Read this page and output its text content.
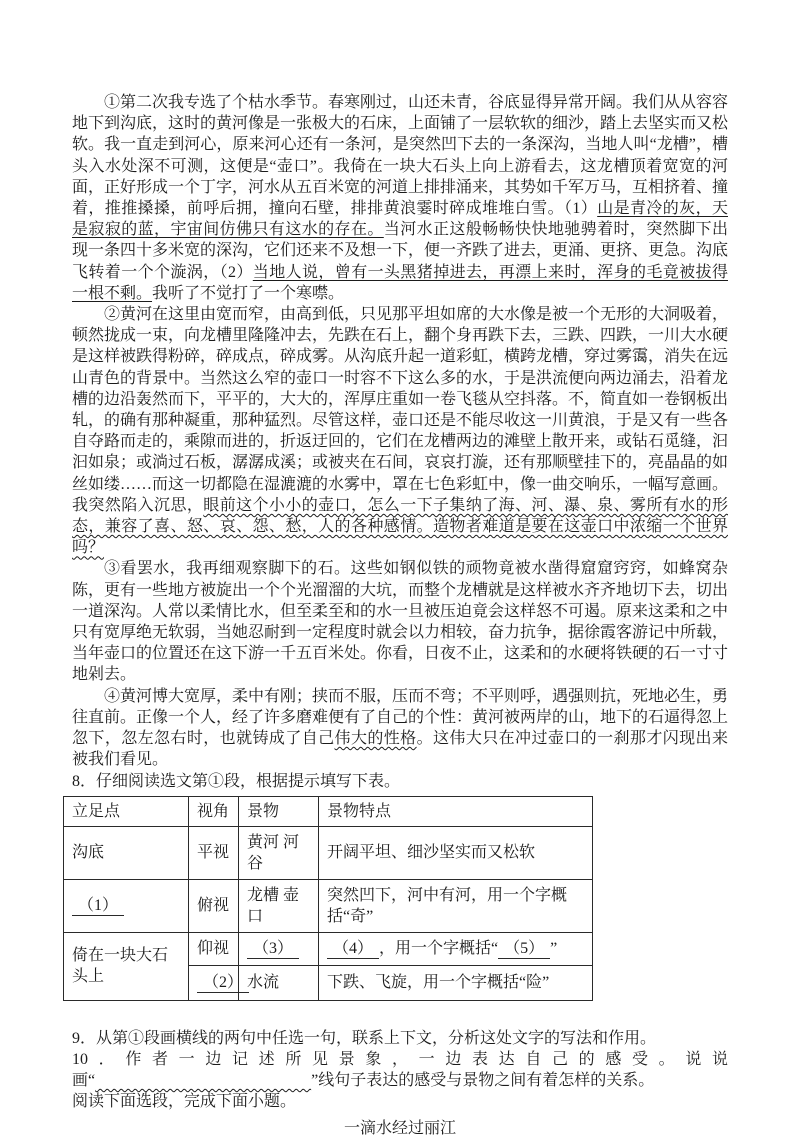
①第二次我专选了个枯水季节。春寒刚过，山还未青，谷底显得异常开阔。我们从从容容地下到沟底，这时的黄河像是一张极大的石床，上面铺了一层软软的细沙，踏上去坚实而又松软。我一直走到河心，原来河心还有一条河，是突然凹下去的一条深沟，当地人叫“龙槽”，槽头入水处深不可测，这便是“壶口”。我倚在一块大石头上向上游看去，这龙槽顶着宽宽的河面，正好形成一个丁字，河水从五百米宽的河道上排排涌来，其势如千军万马，互相挤着、撞着，推推搡搡，前呼后拥，撞向石壁，排排黄浪霎时碎成堆堆白雪。（1）山是青冷的灰，天是寂寂的蓝，宇宙间仿佛只有这水的存在。当河水正这般畅畅快快地驰骋着时，突然脚下出现一条四十多米宽的深沟，它们还来不及想一下，便一齐跌了进去，更涌、更挤、更急。沟底飞转着一个个漩涡，（2）当地人说，曾有一头黑猪掉进去，再漂上来时，浑身的毛竟被拔得一根不剩。我听了不觉打了一个寒噤。

②黄河在这里由宽而窄，由高到低，只见那平坦如席的大水像是被一个无形的大洞吸着，顿然拢成一束，向龙槽里隆隆冲去，先跌在石上，翻个身再跌下去，三跌、四跌，一川大水硬是这样被跌得粉碎，碎成点，碎成雾。从沟底升起一道彩虹，横跨龙槽，穿过雾霭，消失在远山青色的背景中。当然这么窄的壶口一时容不下这么多的水，于是洪流便向两边涌去，沿着龙槽的边沿轰然而下，平平的，大大的，浑厚庄重如一卷飞毯从空抖落。不，简直如一卷钢板出轧，的确有那种凝重，那种猛烈。尽管这样，壶口还是不能尽收这一川黄浪，于是又有一些各自夺路而走的，乘隙而进的，折返迂回的，它们在龙槽两边的滩壁上散开来，或钻石觅缝，汩汩如泉；或淌过石板，潺潺成溪；或被夹在石间，哀哀打漩，还有那顺壁挂下的，亮晶晶的如丝如缕……而这一切都隐在湿漉漉的水雾中，罩在七色彩虹中，像一曲交响乐，一幅写意画。我突然陷入沉思，眼前这个小小的壶口，怎么一下子集纳了海、河、瀑、泉、雾所有水的形态，兼容了喜、怒、哀、怨、愁，人的各种感情。造物者难道是要在这壶口中浓缩一个世界吗？

③看罢水，我再细观察脚下的石。这些如钢似铁的顽物竟被水凿得窟窟窍窍，如蜂窝杂陈，更有一些地方被旋出一个个光溜溜的大坑，而整个龙槽就是这样被水齐齐地切下去，切出一道深沟。人常以柔情比水，但至柔至和的水一旦被压迫竟会这样怒不可遏。原来这柔和之中只有宽厚绝无软弱，当她忍耐到一定程度时就会以力相较，奋力抗争，据徐霞客游记中所载，当年壶口的位置还在这下游一千五百米处。你看，日夜不止，这柔和的水硬将铁硬的石一寸寸地剁去。

④黄河博大宽厚，柔中有刚；挟而不服，压而不弯；不平则呼，遇强则抗，死地必生，勇往直前。正像一个人，经了许多磨难便有了自己的个性：黄河被两岸的山，地下的石逼得忽上忽下，忽左忽右时，也就铸成了自己伟大的性格。这伟大只在冲过壶口的一刹那才闪现出来被我们看见。

8．仔细阅读选文第①段，根据提示填写下表。

立足点	视角	景物	景物特点
沟底	平视	黄河 河谷	开阔平坦、细沙坚实而又松软
（1）	俯视	龙槽 壶口	突然凹下，河中有河，用一个字概括“奇”
倚在一块大石头上	仰视	（3）	（4） ，用一个字概括“ （5） ”
	（2）	水流	下跌、飞旋，用一个字概括“险”

9．从第①段画横线的两句中任选一句，联系上下文，分析这处文字的写法和作用。

10．作者一边记述所见景象，一边表达自己的感受。说说画“	”线句子表达的感受与景物之间有着怎样的关系。

阅读下面选段，完成下面小题。

一滴水经过丽江
